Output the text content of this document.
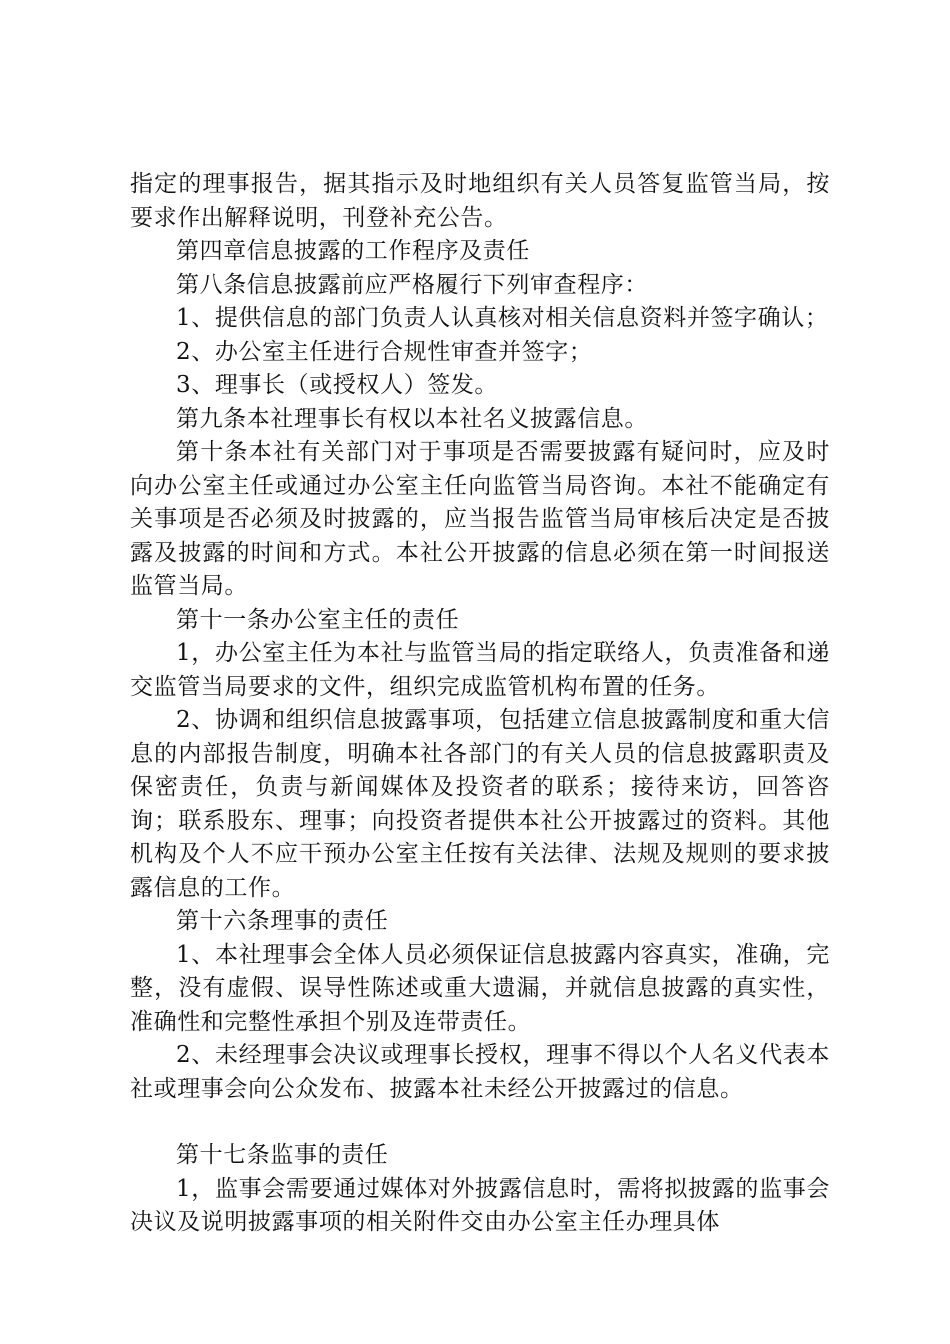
指定的理事报告，据其指示及时地组织有关人员答复监管当局，按要求作出解释说明，刊登补充公告。

第四章信息披露的工作程序及责任

第八条信息披露前应严格履行下列审查程序：

1、提供信息的部门负责人认真核对相关信息资料并签字确认；

2、办公室主任进行合规性审查并签字；

3、理事长（或授权人）签发。

第九条本社理事长有权以本社名义披露信息。

第十条本社有关部门对于事项是否需要披露有疑问时，应及时向办公室主任或通过办公室主任向监管当局咨询。本社不能确定有关事项是否必须及时披露的，应当报告监管当局审核后决定是否披露及披露的时间和方式。本社公开披露的信息必须在第一时间报送监管当局。

第十一条办公室主任的责任

1，办公室主任为本社与监管当局的指定联络人，负责准备和递交监管当局要求的文件，组织完成监管机构布置的任务。

2、协调和组织信息披露事项，包括建立信息披露制度和重大信息的内部报告制度，明确本社各部门的有关人员的信息披露职责及保密责任，负责与新闻媒体及投资者的联系；接待来访，回答咨询；联系股东、理事；向投资者提供本社公开披露过的资料。其他机构及个人不应干预办公室主任按有关法律、法规及规则的要求披露信息的工作。

第十六条理事的责任

1、本社理事会全体人员必须保证信息披露内容真实，准确，完整，没有虚假、误导性陈述或重大遗漏，并就信息披露的真实性，准确性和完整性承担个别及连带责任。

2、未经理事会决议或理事长授权，理事不得以个人名义代表本社或理事会向公众发布、披露本社未经公开披露过的信息。

第十七条监事的责任

1，监事会需要通过媒体对外披露信息时，需将拟披露的监事会决议及说明披露事项的相关附件交由办公室主任办理具体
